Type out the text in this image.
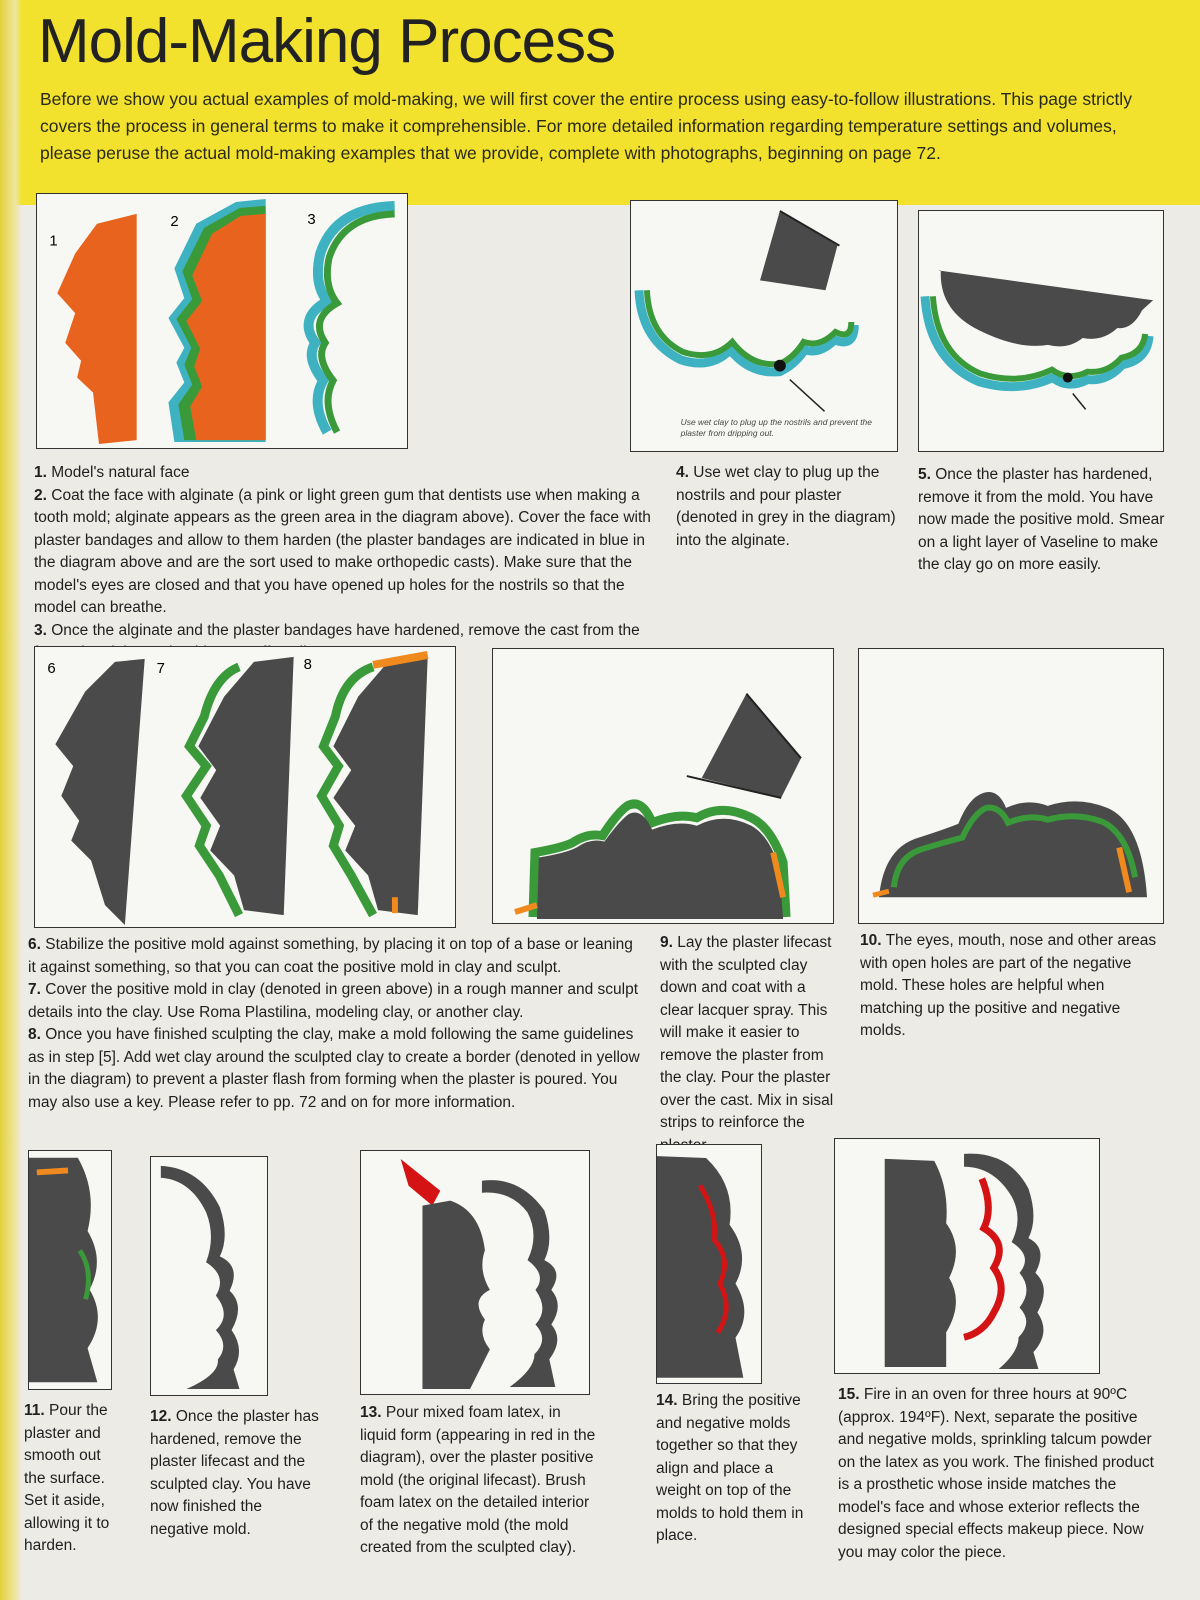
Mold-Making Process

Before we show you actual examples of mold-making, we will first cover the entire process using easy-to-follow illustrations. This page strictly covers the process in general terms to make it comprehensible. For more detailed information regarding temperature settings and volumes, please peruse the actual mold-making examples that we provide, complete with photographs, beginning on page 72.

1
2	3
Use wet clay to plug up the nostrils and prevent the plaster from dripping out.

1. Model's natural face
2. Coat the face with alginate (a pink or light green gum that dentists use when making a tooth mold; alginate appears as the green area in the diagram above). Cover the face with plaster bandages and allow to them harden (the plaster bandages are indicated in blue in the diagram above and are the sort used to make orthopedic casts). Make sure that the model's eyes are closed and that you have opened up holes for the nostrils so that the model can breathe.
3. Once the alginate and the plaster bandages have hardened, remove the cast from the

4. Use wet clay to plug up the nostrils and pour plaster (denoted in grey in the diagram) into the alginate.

5. Once the plaster has hardened, remove it from the mold. You have now made the positive mold. Smear on a light layer of Vaseline to make the clay go on more easily.

6	7	8

6. Stabilize the positive mold against something, by placing it on top of a base or leaning it against something, so that you can coat the positive mold in clay and sculpt.
7. Cover the positive mold in clay (denoted in green above) in a rough manner and sculpt details into the clay. Use Roma Plastilina, modeling clay, or another clay.
8. Once you have finished sculpting the clay, make a mold following the same guidelines as in step [5]. Add wet clay around the sculpted clay to create a border (denoted in yellow in the diagram) to prevent a plaster flash from forming when the plaster is poured. You may also use a key. Please refer to pp. 72 and on for more information.

9. Lay the plaster lifecast with the sculpted clay down and coat with a clear lacquer spray. This will make it easier to remove the plaster from the clay. Pour the plaster over the cast. Mix in sisal strips to reinforce the

10. The eyes, mouth, nose and other areas with open holes are part of the negative mold. These holes are helpful when matching up the positive and negative molds.

11. Pour the plaster and smooth out the surface. Set it aside, allowing it to harden.

12. Once the plaster has hardened, remove the plaster lifecast and the sculpted clay. You have now finished the negative mold.

13. Pour mixed foam latex, in liquid form (appearing in red in the diagram), over the plaster positive mold (the original lifecast). Brush foam latex on the detailed interior of the negative mold (the mold created from the sculpted clay).

14. Bring the positive and negative molds together so that they align and place a weight on top of the molds to hold them in place.

15. Fire in an oven for three hours at 90ºC (approx. 194ºF). Next, separate the positive and negative molds, sprinkling talcum powder on the latex as you work. The finished product is a prosthetic whose inside matches the model's face and whose exterior reflects the designed special effects makeup piece. Now you may color the piece.
